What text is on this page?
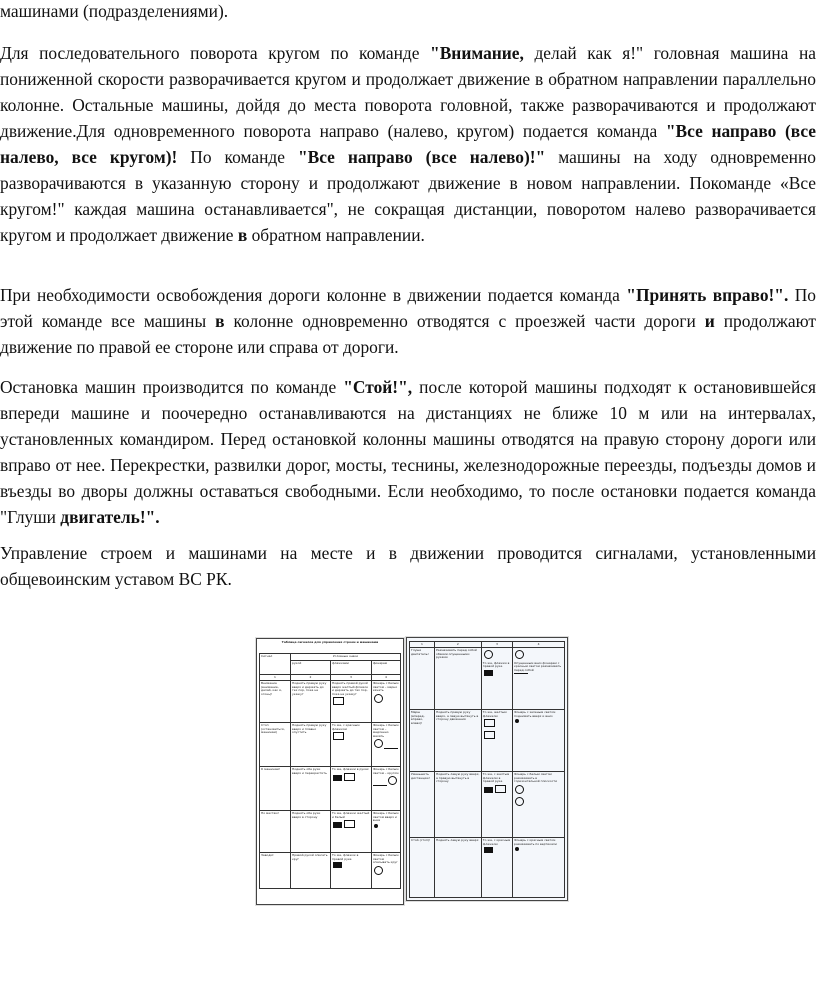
машинами (подразделениями).

Для последовательного поворота кругом по команде "Внимание, делай как я!" головная машина на пониженной скорости разворачивается кругом и продолжает движение в обратном направлении параллельно колонне. Остальные машины, дойдя до места поворота головной, также разворачиваются и продолжают движение.Для одновременного поворота направо (налево, кругом) подается команда "Все направо (все налево, все кругом)! По команде "Все направо (все налево)!" машины на ходу одновременно разворачиваются в указанную сторону и продолжают движение в новом направлении. Покоманде «Все кругом!" каждая машина останавливается", не сокращая дистанции, поворотом налево разворачивается кругом и продолжает движение в обратном направлении.

При необходимости освобождения дороги колонне в движении подается команда "Принять вправо!". По этой команде все машины в колонне одновременно отводятся с проезжей части дороги и продолжают движение по правой ее стороне или справа от дороги.

Остановка машин производится по команде "Стой!", после которой машины подходят к остановившейся впереди машине и поочередно останавливаются на дистанциях не ближе 10 м или на интервалах, установленных командиром. Перед остановкой колонны машины отводятся на правую сторону дороги или вправо от нее. Перекрестки, развилки дорог, мосты, теснины, железнодорожные переезды, подъезды домов и въезды во дворы должны оставаться свободными. Если необходимо, то после остановки подается команда "Глуши двигатель!".

Управление строем и машинами на месте и в движении проводится сигналами, установленными общевоинским уставом ВС РК.

Таблица сигналов для управления строем и машинами
Сигнал	Условные знаки		
	рукой	флажками	фонарем
1	2	3	4
Внимание (внимание, делай, как я, огонь)!	Поднять правую руку вверх и держать до тех пор, пока не укажут	Поднять правой рукой вверх желтый флажок и держать до тех пор, пока не укажут	Фонарь с белым светом – мерно качать

Стоп (остановиться, машинам)	Поднять правую руку вверх и плавно опустить	То же, с красным флажком	Фонарь с белым светом – медленно махать

К машинам!	Поднять обе руки вверх и перекрестить	То же, флажки в руках	Фонарь с белым светом – кругом

По местам!	Поднять обе руки вверх в сторону	То же, флажки желтый и белый	Фонарь с белым светом вверх и вниз

Заводи!	Правой рукой описать круг	То же, флажок в правой руке	Фонарь с белым светом описывать круг

1	2	3	4
Глуши двигатель!	Размахивать перед собой обеими опущенными руками	То же, флажки в правой руке	Опущенным вниз фонарем с красным светом размахивать перед собой

Марш (вперед, вправо, влево)!	Поднять правую руку вверх, а левую вытянуть в сторону движения	То же, желтым флажком	Фонарь с зеленым светом поднимать вверх и вниз

Уменьшить дистанцию!	Поднять левую руку вверх, а правую вытянуть в сторону	То же, с желтым флажком в правой руке	Фонарь с белым светом размахивать в горизонтальной плоскости

Стой (стоп)!	Поднять левую руку вверх	То же, с красным флажком	Фонарь с красным светом размахивать по вертикали
